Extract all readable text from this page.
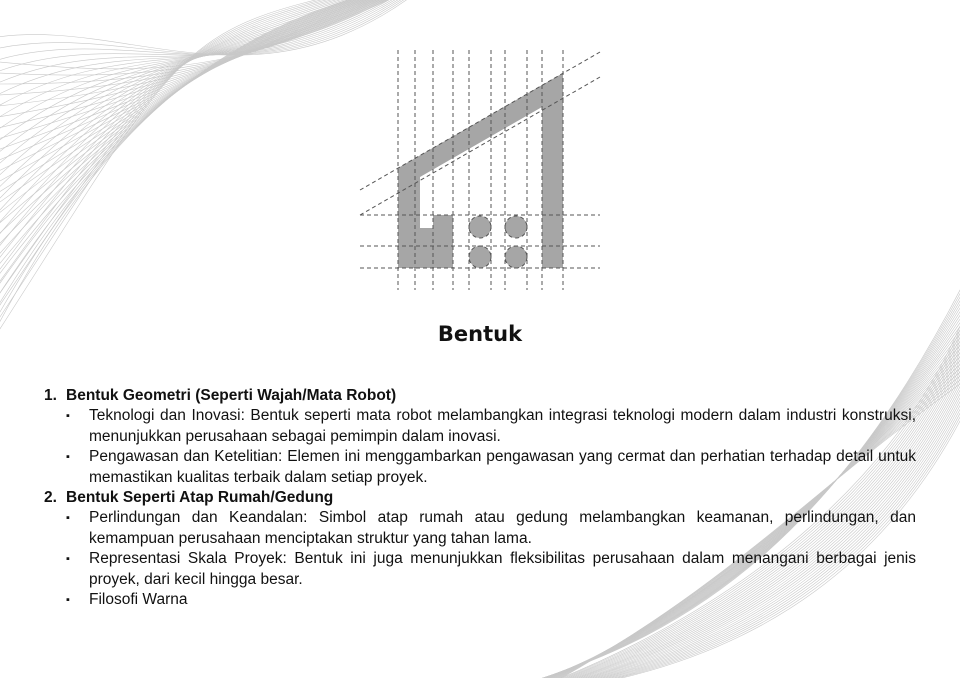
Bentuk
1. Bentuk Geometri (Seperti Wajah/Mata Robot)
▪	Teknologi dan Inovasi: Bentuk seperti mata robot melambangkan integrasi teknologi modern dalam industri konstruksi, menunjukkan perusahaan sebagai pemimpin dalam inovasi.
▪	Pengawasan dan Ketelitian: Elemen ini menggambarkan pengawasan yang cermat dan perhatian terhadap detail untuk memastikan kualitas terbaik dalam setiap proyek.
2. Bentuk Seperti Atap Rumah/Gedung
▪	Perlindungan dan Keandalan: Simbol atap rumah atau gedung melambangkan keamanan, perlindungan, dan kemampuan perusahaan menciptakan struktur yang tahan lama.
▪	Representasi Skala Proyek: Bentuk ini juga menunjukkan fleksibilitas perusahaan dalam menangani berbagai jenis proyek, dari kecil hingga besar.
▪	Filosofi Warna
